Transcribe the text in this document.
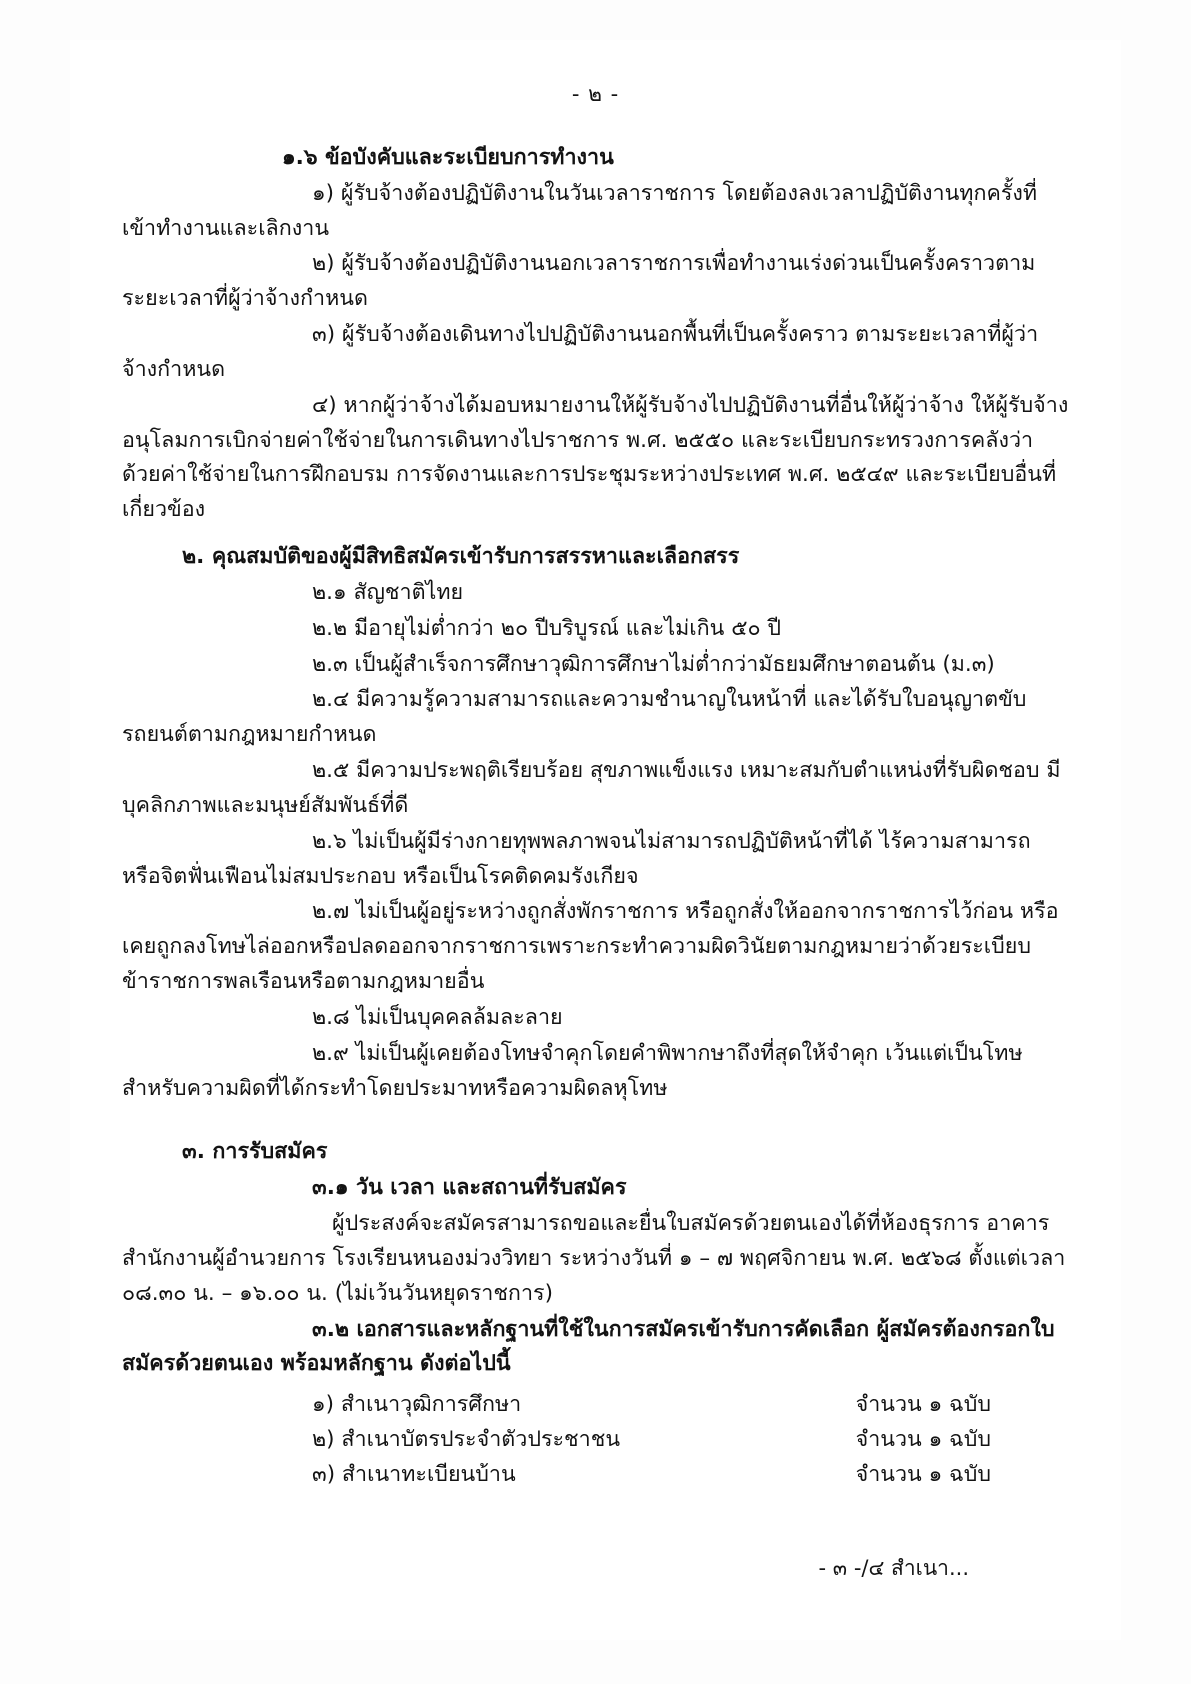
- ๒ -

๑.๖ ข้อบังคับและระเบียบการทำงาน

๑) ผู้รับจ้างต้องปฏิบัติงานในวันเวลาราชการ โดยต้องลงเวลาปฏิบัติงานทุกครั้งที่เข้าทำงานและเลิกงาน

๒) ผู้รับจ้างต้องปฏิบัติงานนอกเวลาราชการเพื่อทำงานเร่งด่วนเป็นครั้งคราวตามระยะเวลาที่ผู้ว่าจ้างกำหนด

๓) ผู้รับจ้างต้องเดินทางไปปฏิบัติงานนอกพื้นที่เป็นครั้งคราว ตามระยะเวลาที่ผู้ว่าจ้างกำหนด

๔) หากผู้ว่าจ้างได้มอบหมายงานให้ผู้รับจ้างไปปฏิบัติงานที่อื่นให้ผู้ว่าจ้าง ให้ผู้รับจ้างอนุโลมการเบิกจ่ายค่าใช้จ่ายในการเดินทางไปราชการ พ.ศ. ๒๕๕๐ และระเบียบกระทรวงการคลังว่าด้วยค่าใช้จ่ายในการฝึกอบรม การจัดงานและการประชุมระหว่างประเทศ พ.ศ. ๒๕๔๙ และระเบียบอื่นที่เกี่ยวข้อง

๒. คุณสมบัติของผู้มีสิทธิสมัครเข้ารับการสรรหาและเลือกสรร

๒.๑ สัญชาติไทย

๒.๒ มีอายุไม่ต่ำกว่า ๒๐ ปีบริบูรณ์ และไม่เกิน ๕๐ ปี

๒.๓ เป็นผู้สำเร็จการศึกษาวุฒิการศึกษาไม่ต่ำกว่ามัธยมศึกษาตอนต้น (ม.๓)

๒.๔ มีความรู้ความสามารถและความชำนาญในหน้าที่ และได้รับใบอนุญาตขับรถยนต์ตามกฎหมายกำหนด

๒.๕ มีความประพฤติเรียบร้อย สุขภาพแข็งแรง เหมาะสมกับตำแหน่งที่รับผิดชอบ มีบุคลิกภาพและมนุษย์สัมพันธ์ที่ดี

๒.๖ ไม่เป็นผู้มีร่างกายทุพพลภาพจนไม่สามารถปฏิบัติหน้าที่ได้ ไร้ความสามารถหรือจิตฟั่นเฟือนไม่สมประกอบ หรือเป็นโรคติดคมรังเกียจ

๒.๗ ไม่เป็นผู้อยู่ระหว่างถูกสั่งพักราชการ หรือถูกสั่งให้ออกจากราชการไว้ก่อน หรือเคยถูกลงโทษไล่ออกหรือปลดออกจากราชการเพราะกระทำความผิดวินัยตามกฎหมายว่าด้วยระเบียบข้าราชการพลเรือนหรือตามกฎหมายอื่น

๒.๘ ไม่เป็นบุคคลล้มละลาย

๒.๙ ไม่เป็นผู้เคยต้องโทษจำคุกโดยคำพิพากษาถึงที่สุดให้จำคุก เว้นแต่เป็นโทษสำหรับความผิดที่ได้กระทำโดยประมาทหรือความผิดลหุโทษ

๓. การรับสมัคร

๓.๑ วัน เวลา และสถานที่รับสมัคร

ผู้ประสงค์จะสมัครสามารถขอและยื่นใบสมัครด้วยตนเองได้ที่ห้องธุรการ อาคารสำนักงานผู้อำนวยการ โรงเรียนหนองม่วงวิทยา ระหว่างวันที่ ๑ – ๗ พฤศจิกายน พ.ศ. ๒๕๖๘ ตั้งแต่เวลา ๐๘.๓๐ น. – ๑๖.๐๐ น. (ไม่เว้นวันหยุดราชการ)

๓.๒ เอกสารและหลักฐานที่ใช้ในการสมัครเข้ารับการคัดเลือก ผู้สมัครต้องกรอกใบสมัครด้วยตนเอง พร้อมหลักฐาน ดังต่อไปนี้

๑) สำเนาวุฒิการศึกษา	จำนวน ๑ ฉบับ
๒) สำเนาบัตรประจำตัวประชาชน	จำนวน ๑ ฉบับ
๓) สำเนาทะเบียนบ้าน	จำนวน ๑ ฉบับ
- ๓ -/๔ สำเนา...
